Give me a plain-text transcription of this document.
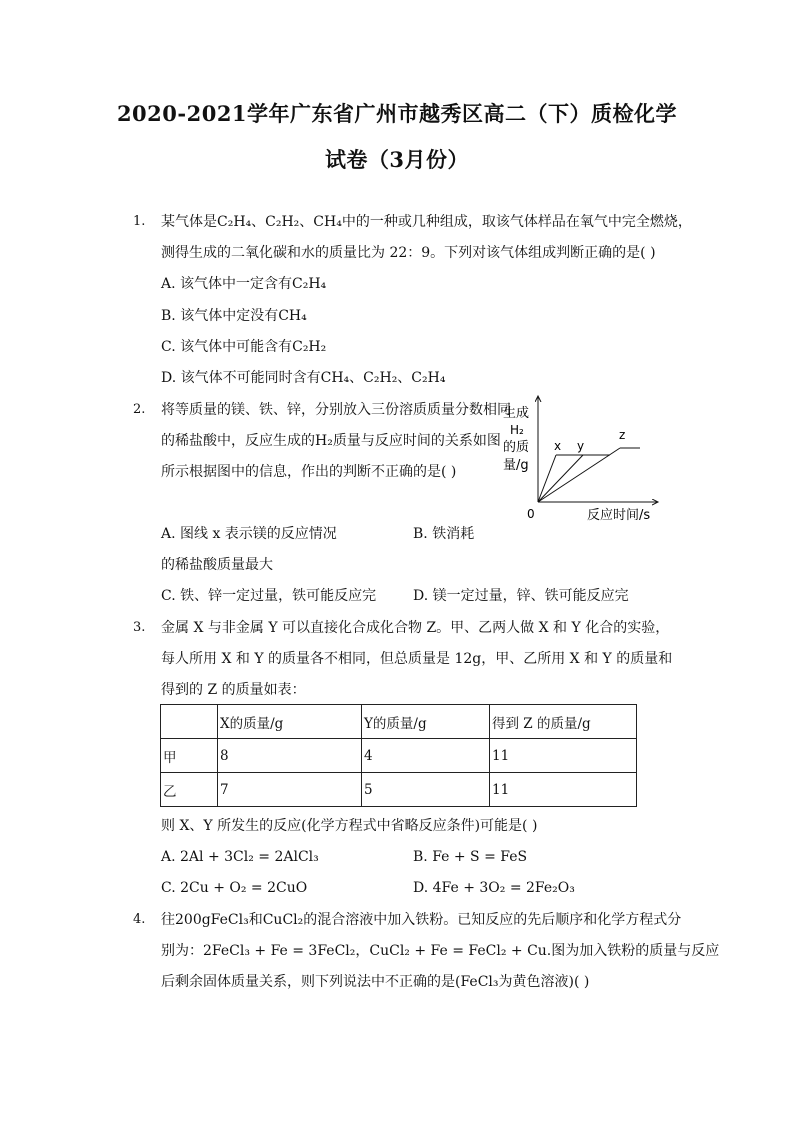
2020-2021学年广东省广州市越秀区高二（下）质检化学
试卷（3月份）
1. 某气体是C₂H₄、C₂H₂、CH₄中的一种或几种组成，取该气体样品在氧气中完全燃烧，
测得生成的二氧化碳和水的质量比为 22：9。下列对该气体组成判断正确的是( )
A. 该气体中一定含有C₂H₄
B. 该气体中定没有CH₄
C. 该气体中可能含有C₂H₂
D. 该气体不可能同时含有CH₄、C₂H₂、C₂H₄
2. 将等质量的镁、铁、锌，分别放入三份溶质质量分数相同
的稀盐酸中，反应生成的H₂质量与反应时间的关系如图
所示根据图中的信息，作出的判断不正确的是( )
生成
H₂
的质
量/g
x y
z
0	反应时间/s
A. 图线 x 表示镁的反应情况	B. 铁消耗
的稀盐酸质量最大
C. 铁、锌一定过量，铁可能反应完	D. 镁一定过量，锌、铁可能反应完
3. 金属 X 与非金属 Y 可以直接化合成化合物 Z。甲、乙两人做 X 和 Y 化合的实验，
每人所用 X 和 Y 的质量各不相同，但总质量是 12g，甲、乙所用 X 和 Y 的质量和
得到的 Z 的质量如表：
	X的质量/g	Y的质量/g	得到 Z 的质量/g
甲	8	4	11
乙	7	5	11
则 X、Y 所发生的反应(化学方程式中省略反应条件)可能是( )
A. 2Al + 3Cl₂ = 2AlCl₃	B. Fe + S = FeS
C. 2Cu + O₂ = 2CuO	D. 4Fe + 3O₂ = 2Fe₂O₃
4. 往200gFeCl₃和CuCl₂的混合溶液中加入铁粉。已知反应的先后顺序和化学方程式分
别为：2FeCl₃ + Fe = 3FeCl₂，CuCl₂ + Fe = FeCl₂ + Cu.图为加入铁粉的质量与反应
后剩余固体质量关系，则下列说法中不正确的是(FeCl₃为黄色溶液)( )
